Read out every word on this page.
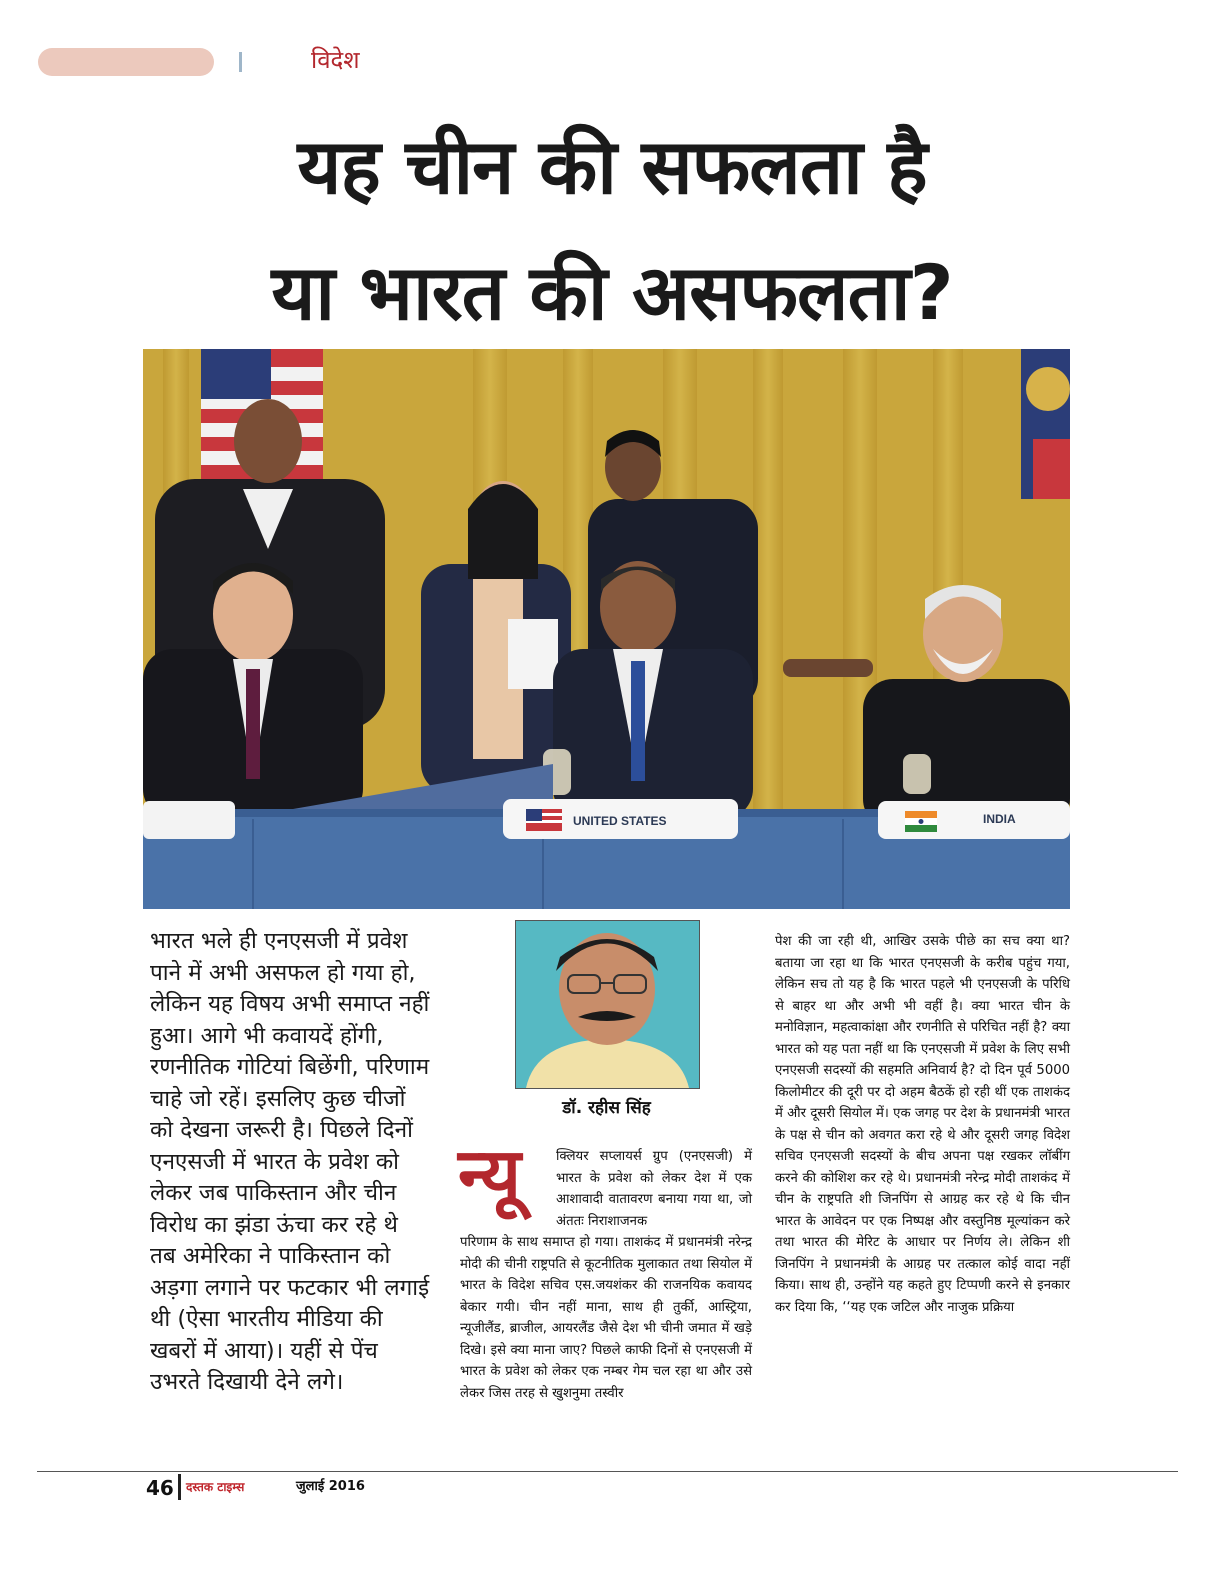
विदेश
यह चीन की सफलता है
या भारत की असफलता?
UNITED STATES	INDIA

भारत भले ही एनएसजी में प्रवेश पाने में अभी असफल हो गया हो, लेकिन यह विषय अभी समाप्त नहीं हुआ। आगे भी कवायदें होंगी, रणनीतिक गोटियां बिछेंगी, परिणाम चाहे जो रहें। इसलिए कुछ चीजों को देखना जरूरी है। पिछले दिनों एनएसजी में भारत के प्रवेश को लेकर जब पाकिस्तान और चीन विरोध का झंडा ऊंचा कर रहे थे तब अमेरिका ने पाकिस्तान को अड़गा लगाने पर फटकार भी लगाई थी (ऐसा भारतीय मीडिया की खबरों में आया)। यहीं से पेंच उभरते दिखायी देने लगे।

डॉ. रहीस सिंह
न्यू	क्लियर सप्लायर्स ग्रुप (एनएसजी) में भारत के प्रवेश को लेकर देश में एक आशावादी वातावरण बनाया गया था, जो अंततः निराशाजनक

परिणाम के साथ समाप्त हो गया। ताशकंद में प्रधानमंत्री नरेन्द्र मोदी की चीनी राष्ट्रपति से कूटनीतिक मुलाकात तथा सियोल में भारत के विदेश सचिव एस.जयशंकर की राजनयिक कवायद बेकार गयी। चीन नहीं माना, साथ ही तुर्की, आस्ट्रिया, न्यूजीलैंड, ब्राजील, आयरलैंड जैसे देश भी चीनी जमात में खड़े दिखे। इसे क्या माना जाए? पिछले काफी दिनों से एनएसजी में भारत के प्रवेश को लेकर एक नम्बर गेम चल रहा था और उसे लेकर जिस तरह से खुशनुमा तस्वीर

पेश की जा रही थी, आखिर उसके पीछे का सच क्या था? बताया जा रहा था कि भारत एनएसजी के करीब पहुंच गया, लेकिन सच तो यह है कि भारत पहले भी एनएसजी के परिधि से बाहर था और अभी भी वहीं है। क्या भारत चीन के मनोविज्ञान, महत्वाकांक्षा और रणनीति से परिचित नहीं है? क्या भारत को यह पता नहीं था कि एनएसजी में प्रवेश के लिए सभी एनएसजी सदस्यों की सहमति अनिवार्य है? दो दिन पूर्व 5000 किलोमीटर की दूरी पर दो अहम बैठकें हो रही थीं एक ताशकंद में और दूसरी सियोल में। एक जगह पर देश के प्रधानमंत्री भारत के पक्ष से चीन को अवगत करा रहे थे और दूसरी जगह विदेश सचिव एनएसजी सदस्यों के बीच अपना पक्ष रखकर लॉबींग करने की कोशिश कर रहे थे। प्रधानमंत्री नरेन्द्र मोदी ताशकंद में चीन के राष्ट्रपति शी जिनपिंग से आग्रह कर रहे थे कि चीन भारत के आवेदन पर एक निष्पक्ष और वस्तुनिष्ठ मूल्यांकन करे तथा भारत की मेरिट के आधार पर निर्णय ले। लेकिन शी जिनपिंग ने प्रधानमंत्री के आग्रह पर तत्काल कोई वादा नहीं किया। साथ ही, उन्होंने यह कहते हुए टिप्पणी करने से इनकार कर दिया कि, ‘‘यह एक जटिल और नाजुक प्रक्रिया

46 दस्तक टाइम्स	जुलाई 2016
